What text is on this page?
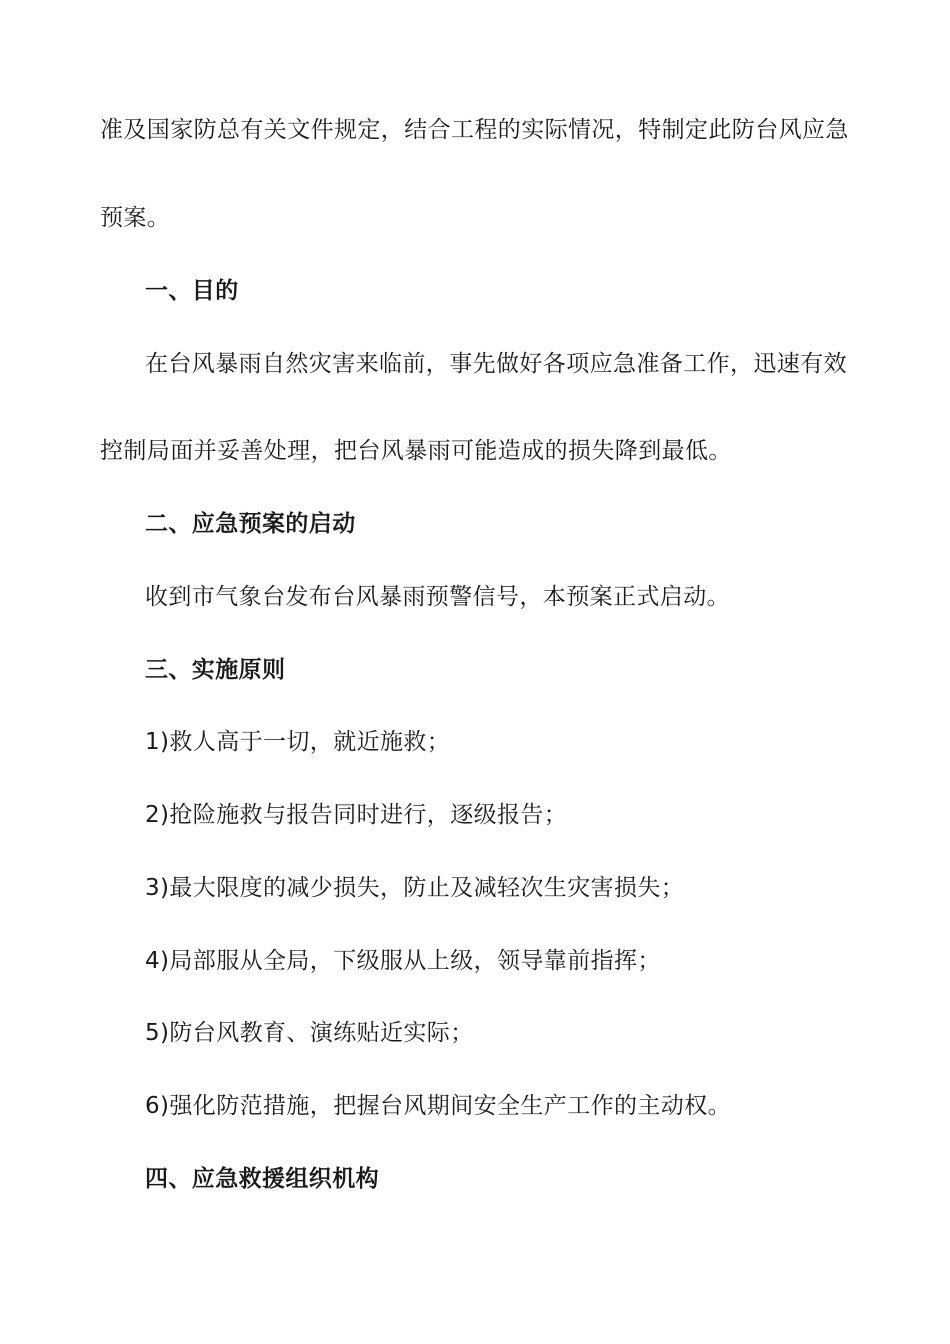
准及国家防总有关文件规定，结合工程的实际情况，特制定此防台风应急
预案。
一、目的
在台风暴雨自然灾害来临前，事先做好各项应急准备工作，迅速有效
控制局面并妥善处理，把台风暴雨可能造成的损失降到最低。
二、应急预案的启动
收到市气象台发布台风暴雨预警信号，本预案正式启动。
三、实施原则
1)救人高于一切，就近施救；
2)抢险施救与报告同时进行，逐级报告；
3)最大限度的减少损失，防止及减轻次生灾害损失；
4)局部服从全局，下级服从上级，领导靠前指挥；
5)防台风教育、演练贴近实际；
6)强化防范措施，把握台风期间安全生产工作的主动权。
四、应急救援组织机构
